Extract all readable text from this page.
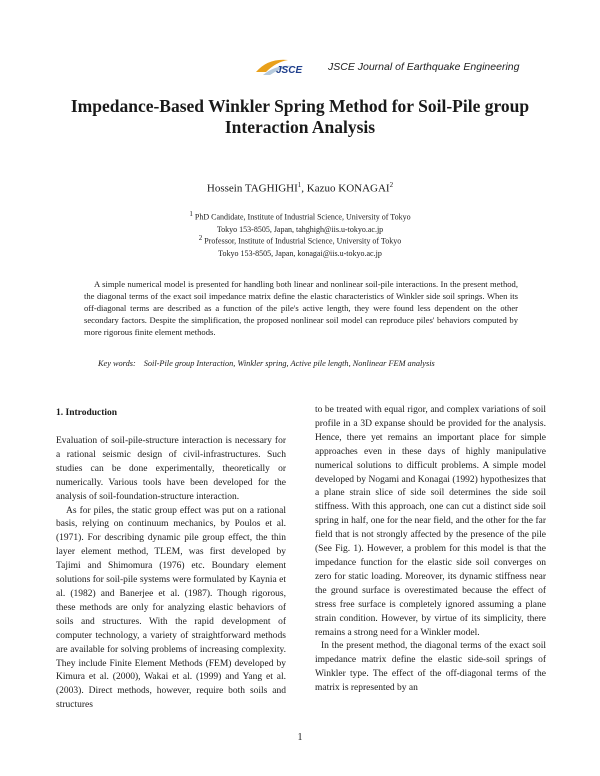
JSCE JSCE Journal of Earthquake Engineering
Impedance-Based Winkler Spring Method for Soil-Pile group
Interaction Analysis
Hossein TAGHIGHI$^1$, Kazuo KONAGAI$^2$
$^1$ PhD Candidate, Institute of Industrial Science, University of Tokyo
Tokyo 153-8505, Japan, tahghigh@iis.u-tokyo.ac.jp
$^2$ Professor, Institute of Industrial Science, University of Tokyo
Tokyo 153-8505, Japan, konagai@iis.u-tokyo.ac.jp

A simple numerical model is presented for handling both linear and nonlinear soil-pile interactions. In the present method, the diagonal terms of the exact soil impedance matrix define the elastic characteristics of Winkler side soil springs. When its off-diagonal terms are described as a function of the pile's active length, they were found less dependent on the other secondary factors. Despite the simplification, the proposed nonlinear soil model can reproduce piles' behaviors computed by more rigorous finite element methods.

Key words: Soil-Pile group Interaction, Winkler spring, Active pile length, Nonlinear FEM analysis
1. Introduction

Evaluation of soil-pile-structure interaction is necessary for a rational seismic design of civil-infrastructures. Such studies can be done experimentally, theoretically or numerically. Various tools have been developed for the analysis of soil-foundation-structure interaction.

As for piles, the static group effect was put on a rational basis, relying on continuum mechanics, by Poulos et al. (1971). For describing dynamic pile group effect, the thin layer element method, TLEM, was first developed by Tajimi and Shimomura (1976) etc. Boundary element solutions for soil-pile systems were formulated by Kaynia et al. (1982) and Banerjee et al. (1987). Though rigorous, these methods are only for analyzing elastic behaviors of soils and structures. With the rapid development of computer technology, a variety of straightforward methods are available for solving problems of increasing complexity. They include Finite Element Methods (FEM) developed by Kimura et al. (2000), Wakai et al. (1999) and Yang et al. (2003). Direct methods, however, require both soils and structures

to be treated with equal rigor, and complex variations of soil profile in a 3D expanse should be provided for the analysis. Hence, there yet remains an important place for simple approaches even in these days of highly manipulative numerical solutions to difficult problems. A simple model developed by Nogami and Konagai (1992) hypothesizes that a plane strain slice of side soil determines the side soil stiffness. With this approach, one can cut a distinct side soil spring in half, one for the near field, and the other for the far field that is not strongly affected by the presence of the pile (See Fig. 1). However, a problem for this model is that the impedance function for the elastic side soil converges on zero for static loading. Moreover, its dynamic stiffness near the ground surface is overestimated because the effect of stress free surface is completely ignored assuming a plane strain condition. However, by virtue of its simplicity, there remains a strong need for a Winkler model.

In the present method, the diagonal terms of the exact soil impedance matrix define the elastic side-soil springs of Winkler type. The effect of the off-diagonal terms of the matrix is represented by an

1
